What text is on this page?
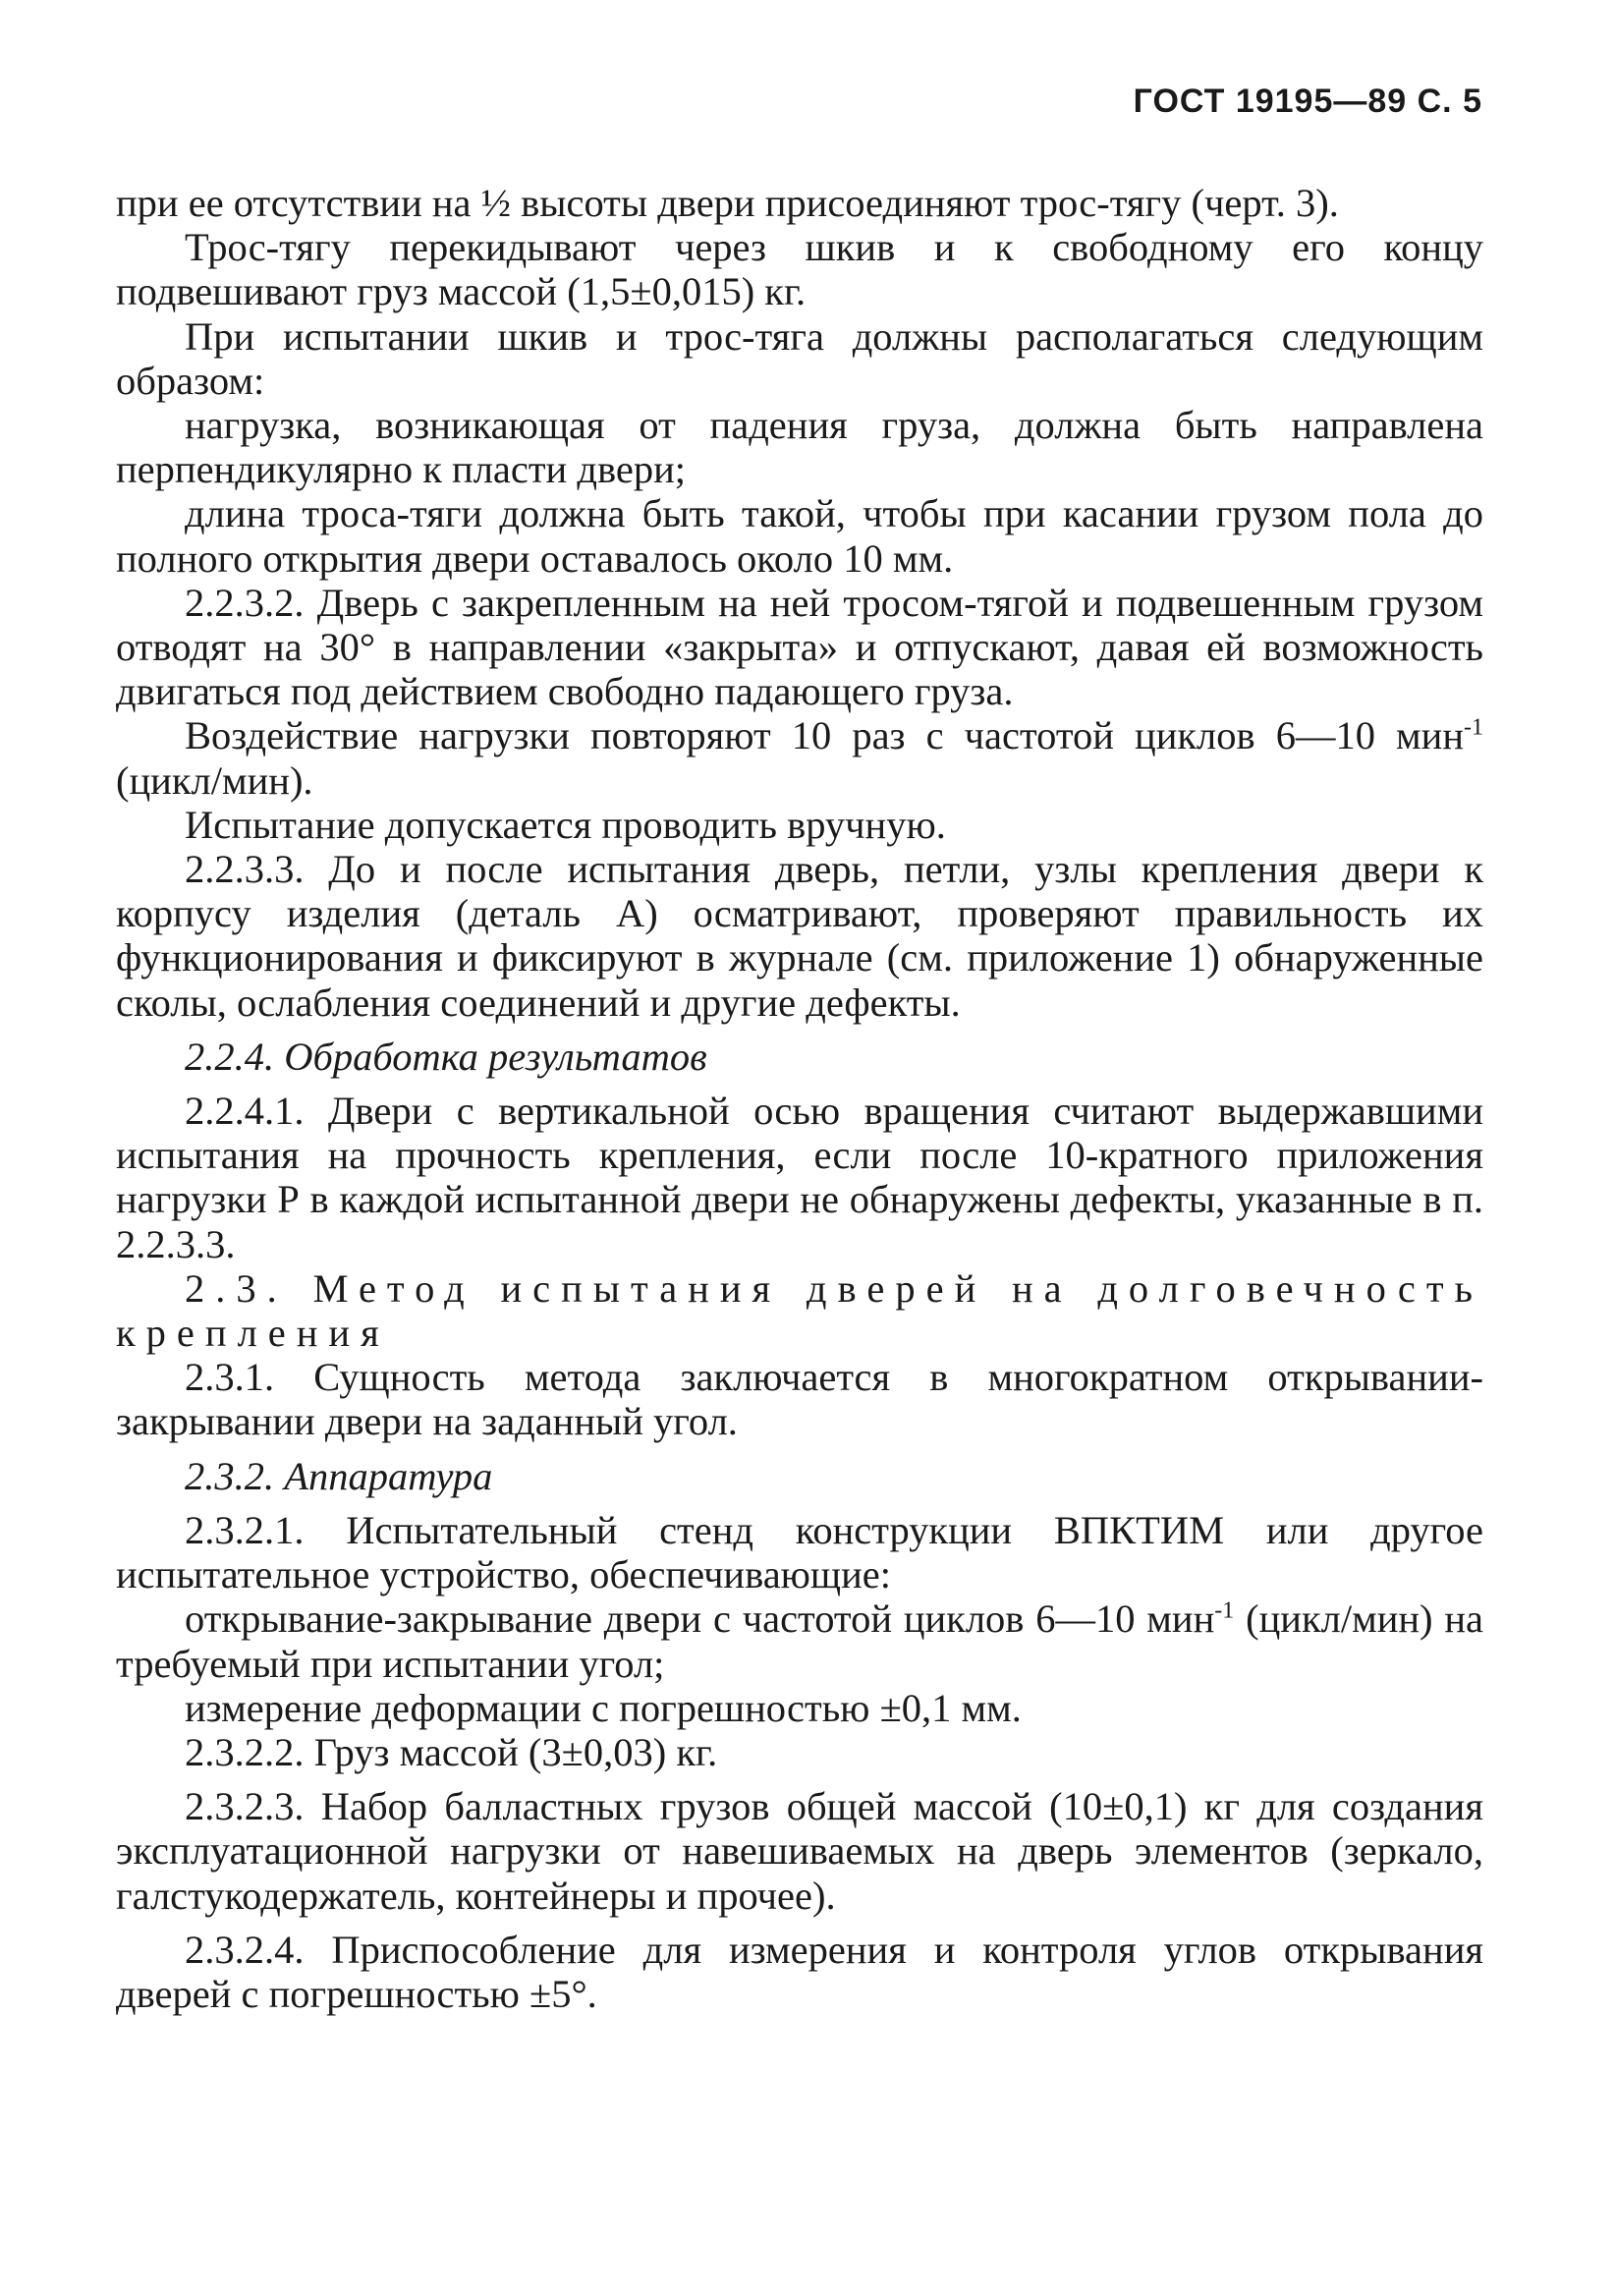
ГОСТ 19195—89 С. 5

при ее отсутствии на ½ высоты двери присоединяют трос-тягу (черт. 3).

Трос-тягу перекидывают через шкив и к свободному его концу подвешивают груз массой (1,5±0,015) кг.

При испытании шкив и трос-тяга должны располагаться следующим образом:

нагрузка, возникающая от падения груза, должна быть направлена перпендикулярно к пласти двери;

длина троса-тяги должна быть такой, чтобы при касании грузом пола до полного открытия двери оставалось около 10 мм.

2.2.3.2. Дверь с закрепленным на ней тросом-тягой и подвешенным грузом отводят на 30° в направлении «закрыта» и отпускают, давая ей возможность двигаться под действием свободно падающего груза.

Воздействие нагрузки повторяют 10 раз с частотой циклов 6—10 мин$^{-1}$ (цикл/мин).

Испытание допускается проводить вручную.

2.2.3.3. До и после испытания дверь, петли, узлы крепления двери к корпусу изделия (деталь А) осматривают, проверяют правильность их функционирования и фиксируют в журнале (см. приложение 1) обнаруженные сколы, ослабления соединений и другие дефекты.

2.2.4. Обработка результатов

2.2.4.1. Двери с вертикальной осью вращения считают выдержавшими испытания на прочность крепления, если после 10-кратного приложения нагрузки Р в каждой испытанной двери не обнаружены дефекты, указанные в п. 2.2.3.3.

2.3. Метод испытания дверей на долговечность крепления

2.3.1. Сущность метода заключается в многократном открывании-закрывании двери на заданный угол.

2.3.2. Аппаратура

2.3.2.1. Испытательный стенд конструкции ВПКТИМ или другое испытательное устройство, обеспечивающие:

открывание-закрывание двери с частотой циклов 6—10 мин$^{-1}$ (цикл/мин) на требуемый при испытании угол;

измерение деформации с погрешностью ±0,1 мм.

2.3.2.2. Груз массой (3±0,03) кг.

2.3.2.3. Набор балластных грузов общей массой (10±0,1) кг для создания эксплуатационной нагрузки от навешиваемых на дверь элементов (зеркало, галстукодержатель, контейнеры и прочее).

2.3.2.4. Приспособление для измерения и контроля углов открывания дверей с погрешностью ±5°.
